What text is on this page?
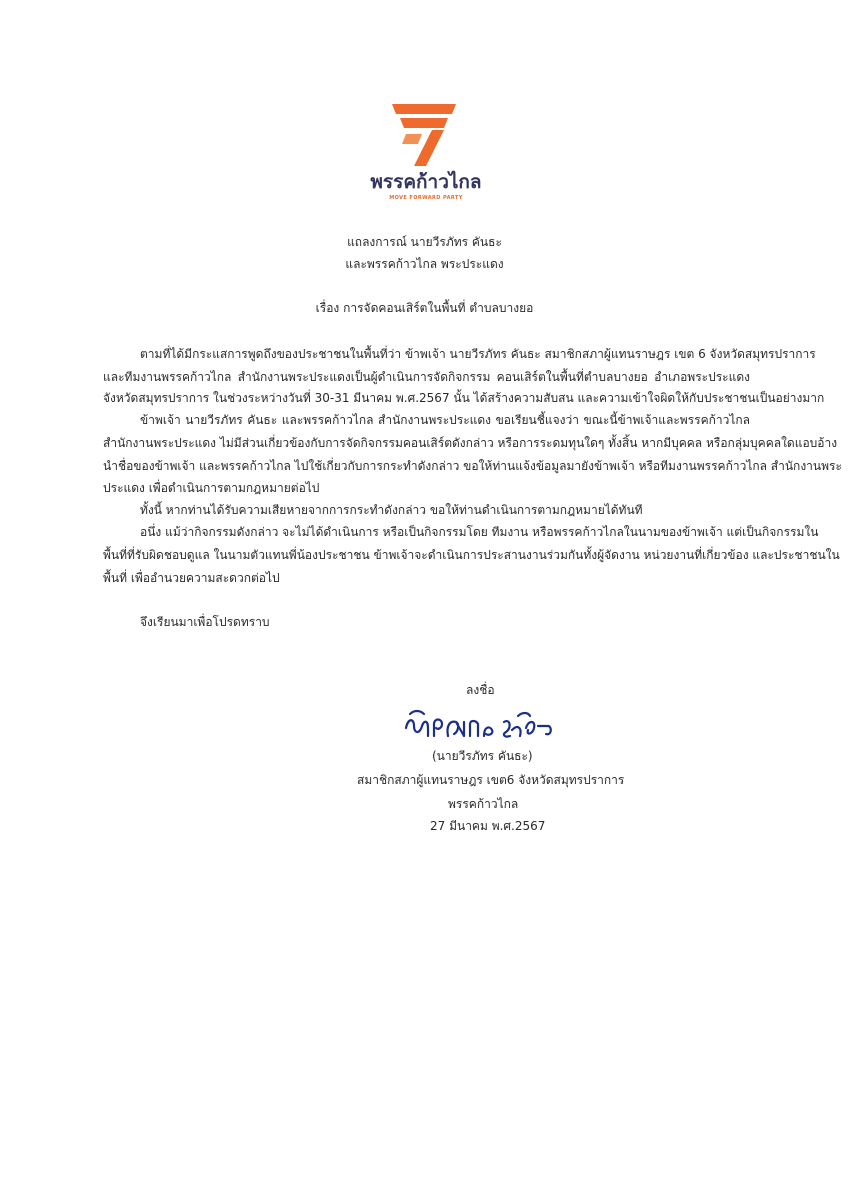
พรรคก้าวไกล
MOVE FORWARD PARTY
แถลงการณ์ นายวีรภัทร คันธะ
และพรรคก้าวไกล พระประแดง
เรื่อง การจัดคอนเสิร์ตในพื้นที่ ตำบลบางยอ
ตามที่ได้มีกระแสการพูดถึงของประชาชนในพื้นที่ว่า ข้าพเจ้า นายวีรภัทร คันธะ สมาชิกสภาผู้แทนราษฎร เขต 6 จังหวัดสมุทรปราการ
และทีมงานพรรคก้าวไกล สำนักงานพระประแดงเป็นผู้ดำเนินการจัดกิจกรรม คอนเสิร์ตในพื้นที่ตำบลบางยอ อำเภอพระประแดง
จังหวัดสมุทรปราการ ในช่วงระหว่างวันที่ 30-31 มีนาคม พ.ศ.2567 นั้น ได้สร้างความสับสน และความเข้าใจผิดให้กับประชาชนเป็นอย่างมาก
ข้าพเจ้า นายวีรภัทร คันธะ และพรรคก้าวไกล สำนักงานพระประแดง ขอเรียนชี้แจงว่า ขณะนี้ข้าพเจ้าและพรรคก้าวไกล
สำนักงานพระประแดง ไม่มีส่วนเกี่ยวข้องกับการจัดกิจกรรมคอนเสิร์ตดังกล่าว หรือการระดมทุนใดๆ ทั้งสิ้น หากมีบุคคล หรือกลุ่มบุคคลใดแอบอ้าง
นำชื่อของข้าพเจ้า และพรรคก้าวไกล ไปใช้เกี่ยวกับการกระทำดังกล่าว ขอให้ท่านแจ้งข้อมูลมายังข้าพเจ้า หรือทีมงานพรรคก้าวไกล สำนักงานพระ
ประแดง เพื่อดำเนินการตามกฎหมายต่อไป
ทั้งนี้ หากท่านได้รับความเสียหายจากการกระทำดังกล่าว ขอให้ท่านดำเนินการตามกฎหมายได้ทันที
อนึ่ง แม้ว่ากิจกรรมดังกล่าว จะไม่ได้ดำเนินการ หรือเป็นกิจกรรมโดย ทีมงาน หรือพรรคก้าวไกลในนามของข้าพเจ้า แต่เป็นกิจกรรมใน
พื้นที่ที่รับผิดชอบดูแล ในนามตัวแทนพี่น้องประชาชน ข้าพเจ้าจะดำเนินการประสานงานร่วมกันทั้งผู้จัดงาน หน่วยงานที่เกี่ยวข้อง และประชาชนใน
พื้นที่ เพื่ออำนวยความสะดวกต่อไป
จึงเรียนมาเพื่อโปรดทราบ
ลงชื่อ
(นายวีรภัทร คันธะ)
สมาชิกสภาผู้แทนราษฎร เขต6 จังหวัดสมุทรปราการ
พรรคก้าวไกล
27 มีนาคม พ.ศ.2567
